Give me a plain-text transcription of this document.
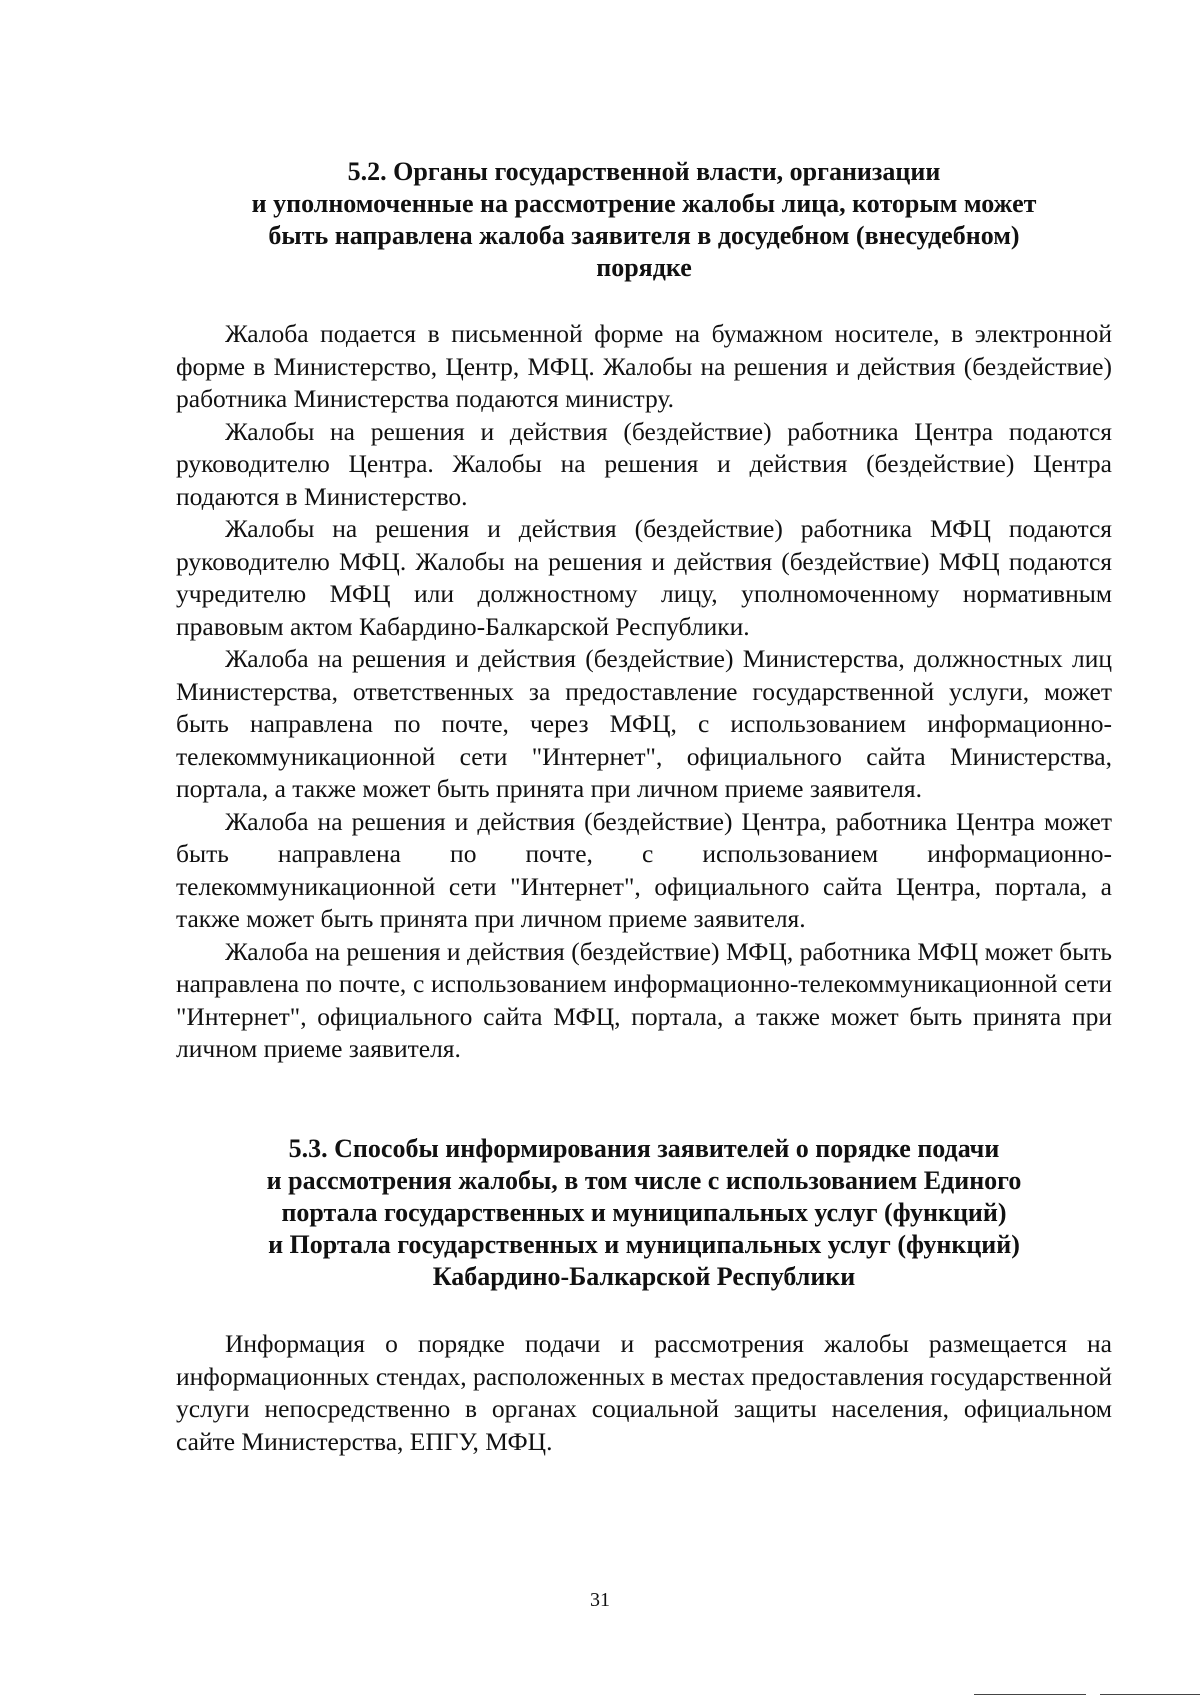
5.2. Органы государственной власти, организации
и уполномоченные на рассмотрение жалобы лица, которым может
быть направлена жалоба заявителя в досудебном (внесудебном)
порядке

Жалоба подается в письменной форме на бумажном носителе, в электронной форме в Министерство, Центр, МФЦ. Жалобы на решения и действия (бездействие) работника Министерства подаются министру.

Жалобы на решения и действия (бездействие) работника Центра подаются руководителю Центра. Жалобы на решения и действия (бездействие) Центра подаются в Министерство.

Жалобы на решения и действия (бездействие) работника МФЦ подаются руководителю МФЦ. Жалобы на решения и действия (бездействие) МФЦ подаются учредителю МФЦ или должностному лицу, уполномоченному нормативным правовым актом Кабардино-Балкарской Республики.

Жалоба на решения и действия (бездействие) Министерства, должностных лиц Министерства, ответственных за предоставление государственной услуги, может быть направлена по почте, через МФЦ, с использованием информационно-телекоммуникационной сети "Интернет", официального сайта Министерства, портала, а также может быть принята при личном приеме заявителя.

Жалоба на решения и действия (бездействие) Центра, работника Центра может быть направлена по почте, с использованием информационно-телекоммуникационной сети "Интернет", официального сайта Центра, портала, а также может быть принята при личном приеме заявителя.

Жалоба на решения и действия (бездействие) МФЦ, работника МФЦ может быть направлена по почте, с использованием информационно-телекоммуникационной сети "Интернет", официального сайта МФЦ, портала, а также может быть принята при личном приеме заявителя.

5.3. Способы информирования заявителей о порядке подачи
и рассмотрения жалобы, в том числе с использованием Единого
портала государственных и муниципальных услуг (функций)
и Портала государственных и муниципальных услуг (функций)
Кабардино-Балкарской Республики

Информация о порядке подачи и рассмотрения жалобы размещается на информационных стендах, расположенных в местах предоставления государственной услуги непосредственно в органах социальной защиты населения, официальном сайте Министерства, ЕПГУ, МФЦ.

31
